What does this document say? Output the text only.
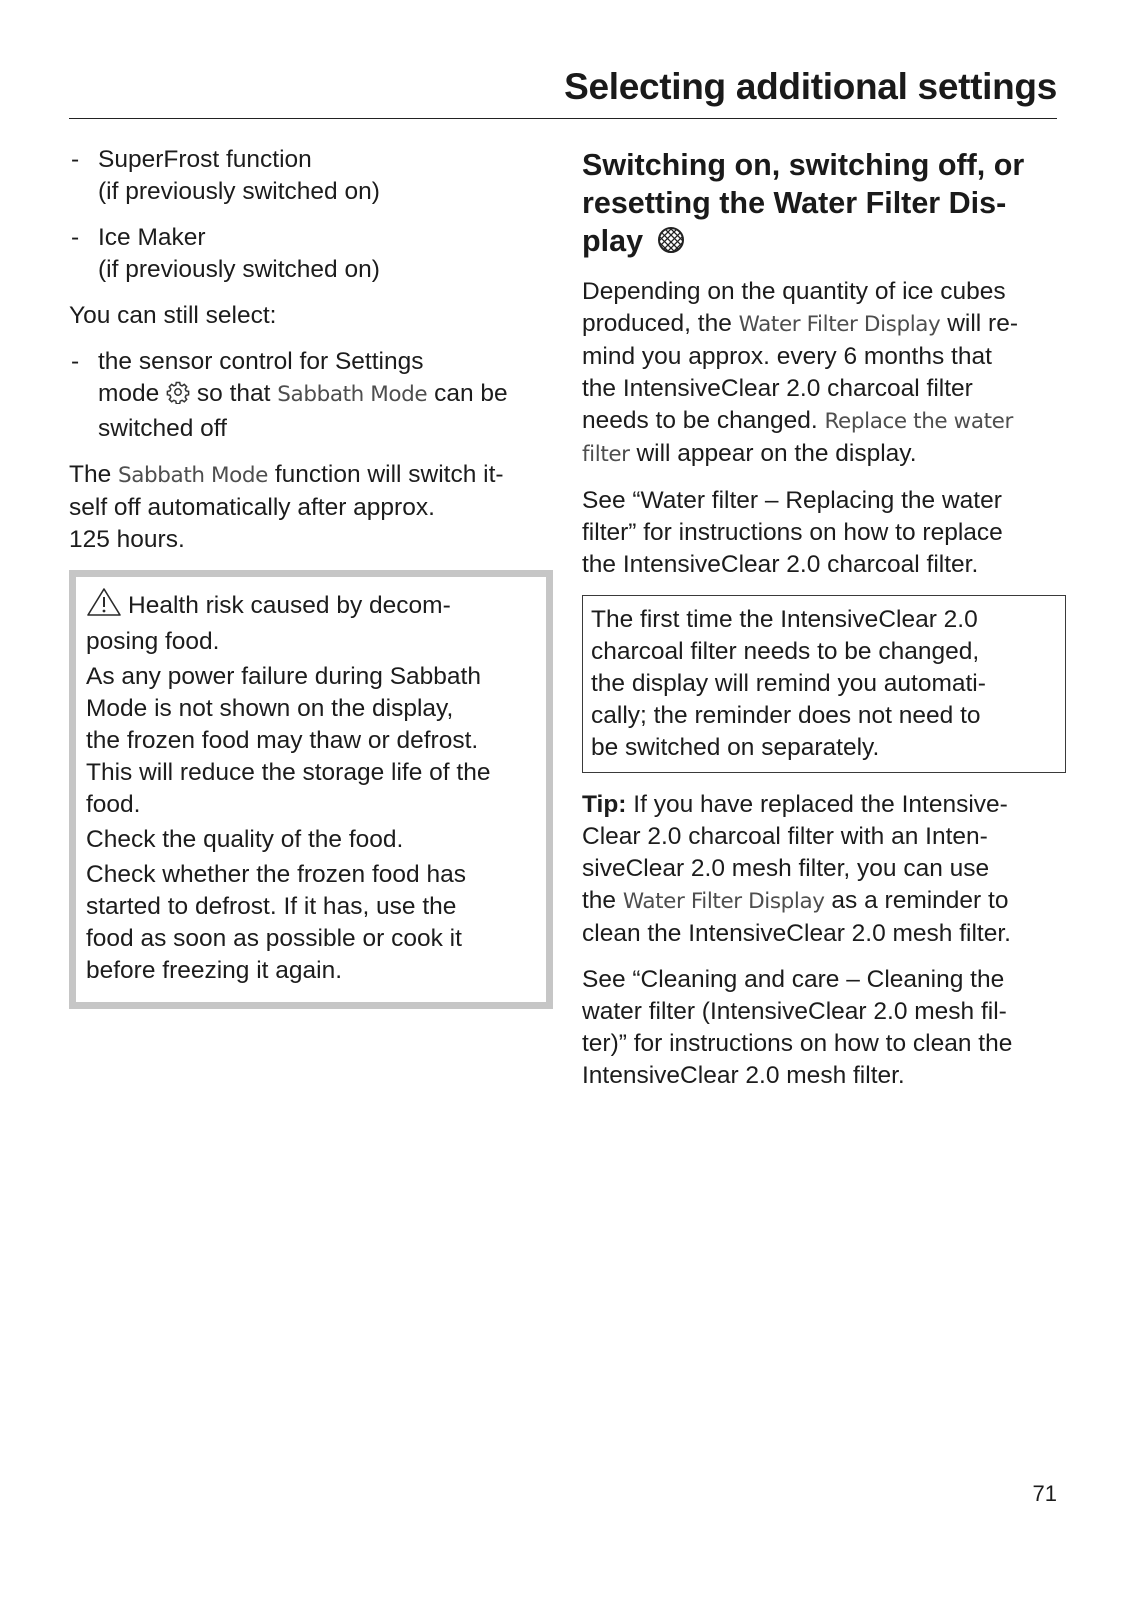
Selecting additional settings
- SuperFrost function
(if previously switched on)
- Ice Maker
(if previously switched on)

You can still select:

- the sensor control for Settings
mode so that Sabbath Mode can be
switched off

The Sabbath Mode function will switch it-
self off automatically after approx.
125 hours.

Health risk caused by decom-
posing food.

As any power failure during Sabbath
Mode is not shown on the display,
the frozen food may thaw or defrost.
This will reduce the storage life of the
food.

Check the quality of the food.

Check whether the frozen food has
started to defrost. If it has, use the
food as soon as possible or cook it
before freezing it again.

Switching on, switching off, or
resetting the Water Filter Dis-
play

Depending on the quantity of ice cubes
produced, the Water Filter Display will re-
mind you approx. every 6 months that
the IntensiveClear 2.0 charcoal filter
needs to be changed. Replace the water
filter will appear on the display.

See “Water filter – Replacing the water
filter” for instructions on how to replace
the IntensiveClear 2.0 charcoal filter.

The first time the IntensiveClear 2.0
charcoal filter needs to be changed,
the display will remind you automati-
cally; the reminder does not need to
be switched on separately.

Tip: If you have replaced the Intensive-
Clear 2.0 charcoal filter with an Inten-
siveClear 2.0 mesh filter, you can use
the Water Filter Display as a reminder to
clean the IntensiveClear 2.0 mesh filter.

See “Cleaning and care – Cleaning the
water filter (IntensiveClear 2.0 mesh fil-
ter)” for instructions on how to clean the
IntensiveClear 2.0 mesh filter.

71
